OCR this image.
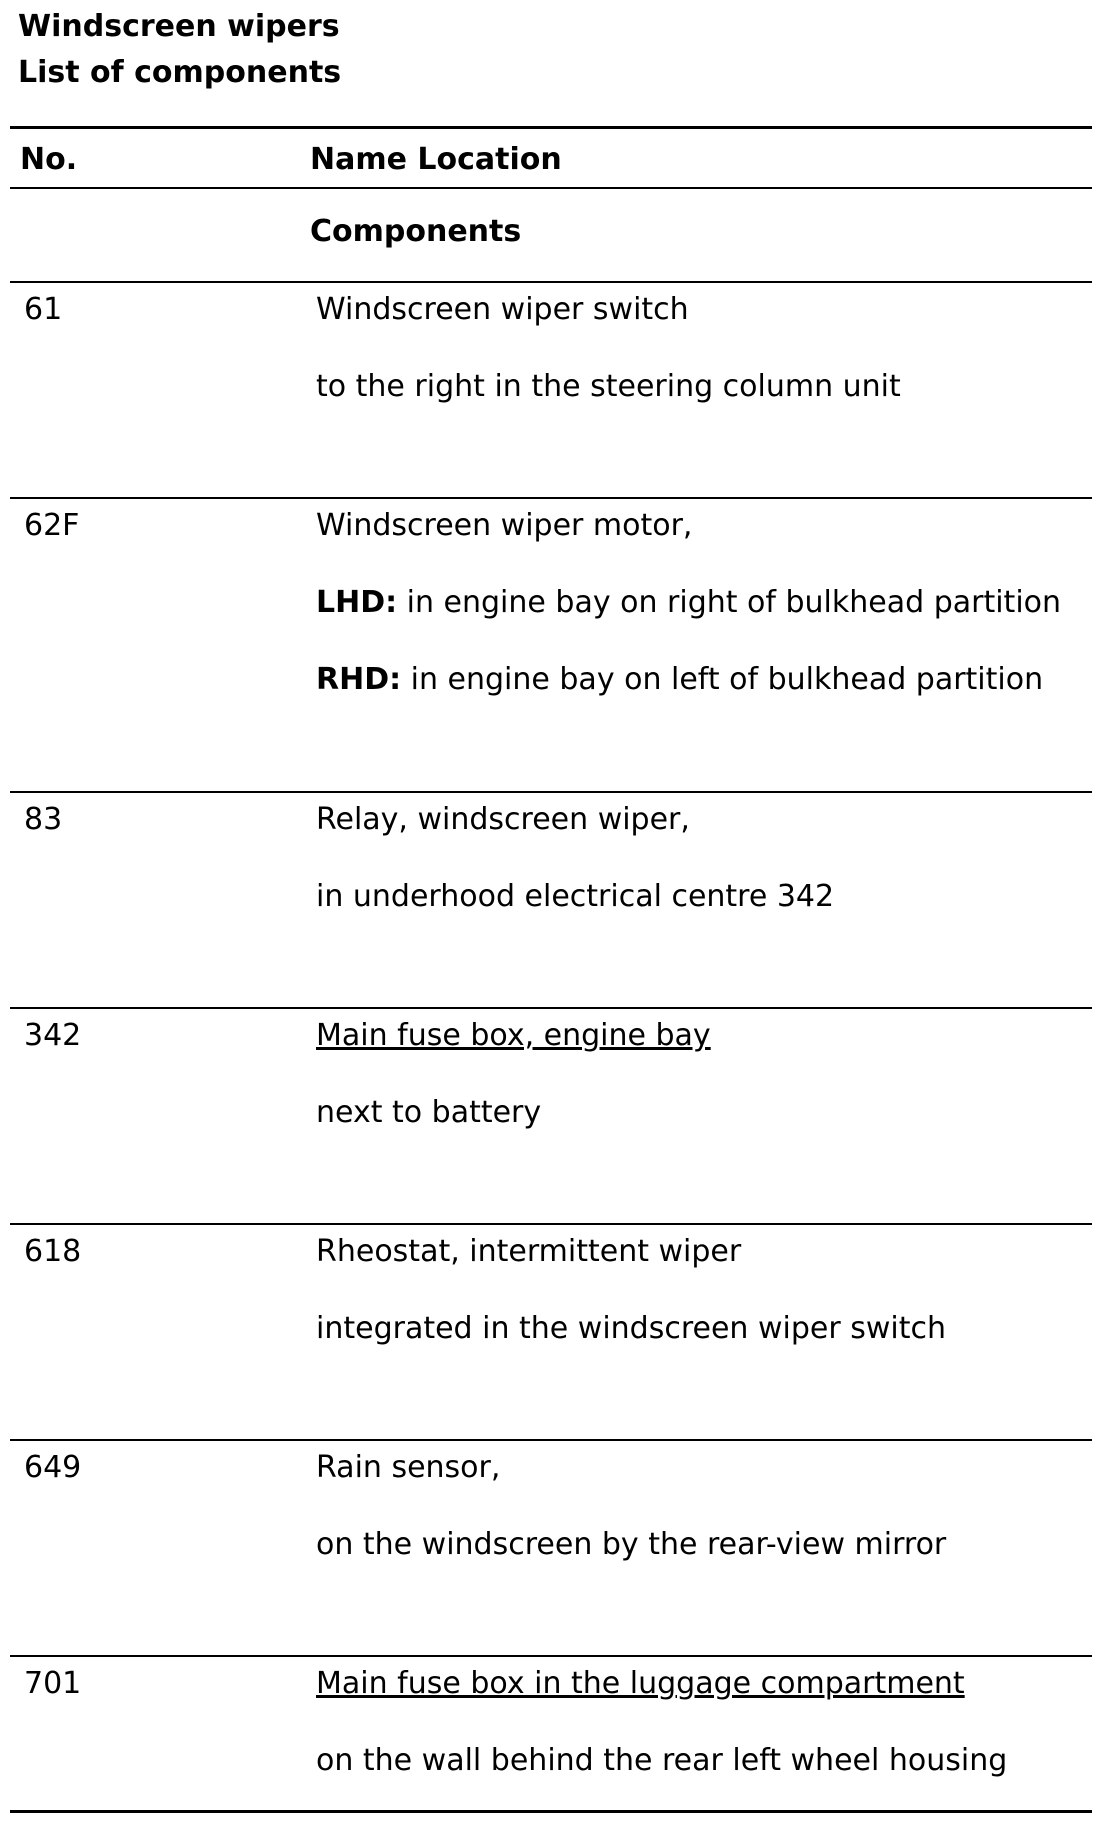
Windscreen wipers
List of components
No.	Name Location
Components
61	Windscreen wiper switch
to the right in the steering column unit
62F	Windscreen wiper motor,
LHD: in engine bay on right of bulkhead partition
RHD: in engine bay on left of bulkhead partition
83	Relay, windscreen wiper,
in underhood electrical centre 342
342	Main fuse box, engine bay
next to battery
618	Rheostat, intermittent wiper
integrated in the windscreen wiper switch
649	Rain sensor,
on the windscreen by the rear-view mirror
701	Main fuse box in the luggage compartment
on the wall behind the rear left wheel housing
